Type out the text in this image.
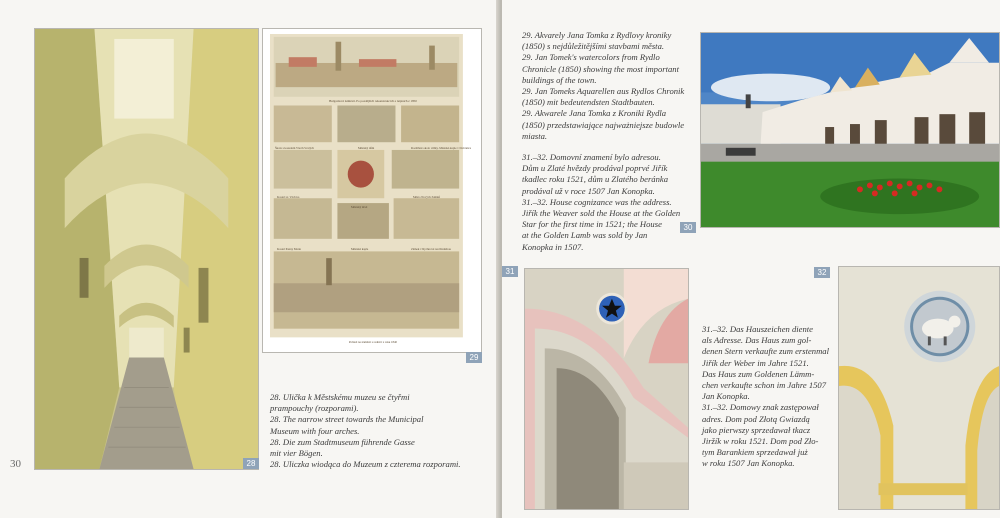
28
Bulgardové náměstí. Po pozdějších rekonstrukcích a nápisích z 1850
Škola s kostelem Všech Svatých	Městský dům	Rozšíření okolo věžky. Městská kaple v Dobrušce
Kostel sv. Václava
Městský úřad
Město Nových Zámků
Kostel Panny Marie	Městská kaple	Zámek v Rychnově nad Kněžnou
Pohled na náměstí s radnicí z roku 1840
29

28. Ulička k Městskému muzeu se čtyřmi

prampouchy (rozporami).

28. The narrow street towards the Municipal

Museum with four arches.

28. Die zum Stadtmuseum führende Gasse

mit vier Bögen.

28. Uliczka wiodąca do Muzeum z czterema rozporami.

30

29. Akvarely Jana Tomka z Rydlovy kroniky

(1850) s nejdůležitějšími stavbami města.

29. Jan Tomek's watercolors from Rydlo

Chronicle (1850) showing the most important

buildings of the town.

29. Jan Tomeks Aquarellen aus Rydlos Chronik

(1850) mit bedeutendsten Stadtbauten.

29. Akwarele Jana Tomka z Kroniki Rydla

(1850) przedstawiające najważniejsze budowle

miasta.

31.–32. Domovní znamení bylo adresou.

Dům u Zlaté hvězdy prodával poprvé Jiřík

tkadlec roku 1521, dům u Zlatého beránka

prodával už v roce 1507 Jan Konopka.

31.–32. House cognizance was the address.

Jiřík the Weaver sold the House at the Golden

Star for the first time in 1521; the House

at the Golden Lamb was sold by Jan

Konopka in 1507.

30
31

31.–32. Das Hauszeichen diente

als Adresse. Das Haus zum gol-

denen Stern verkaufte zum erstenmal

Jiřík der Weber im Jahre 1521.

Das Haus zum Goldenen Lämm-

chen verkaufte schon im Jahre 1507

Jan Konopka.

31.–32. Domowy znak zastępował

adres. Dom pod Złotą Gwiazdą

jako pierwszy sprzedawał tkacz

Jiržík w roku 1521. Dom pod Zło-

tym Barankiem sprzedawał już

w roku 1507 Jan Konopka.

32
